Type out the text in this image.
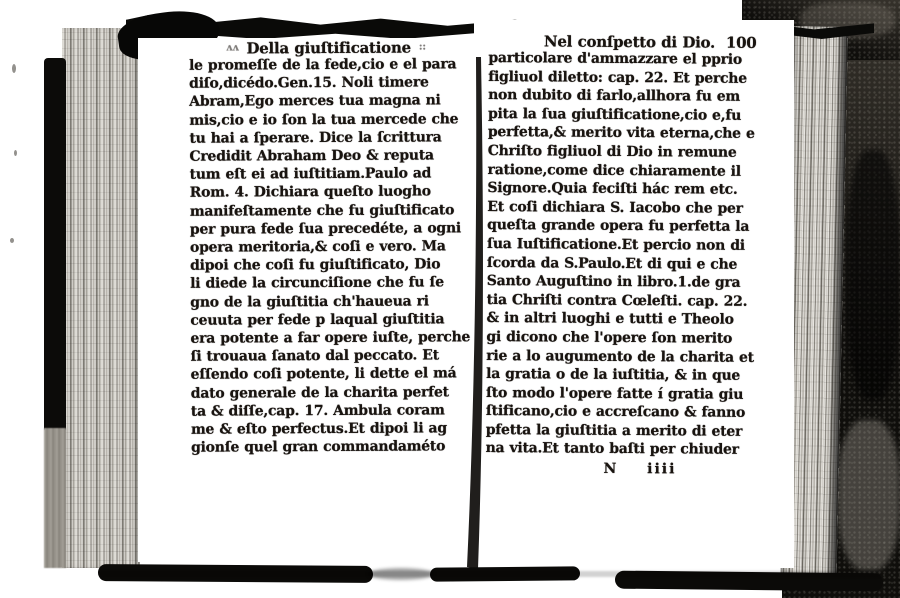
ʌʌ Della giuſtificatione ::
le promeſſe de la fede,cio e el para
diſo,dicédo.Gen.15. Noli timere
Abram,Ego merces tua magna ni
mis,cio e io ſon la tua mercede che
tu hai a ſperare. Dice la ſcrittura
Credidit Abraham Deo & reputa
tum eſt ei ad iuſtitiam.Paulo ad
Rom. 4. Dichiara queſto luogho
manifeſtamente che fu giuſtificato
per pura fede ſua precedéte, a ogni
opera meritoria,& coſi e vero. Ma
dipoi che coſi fu giuſtificato, Dio
li diede la circunciſione che fu ſe
gno de la giuſtitia ch'haueua ri
ceuuta per fede p laqual giuſtitia
era potente a far opere iuſte, perche
ſi trouaua ſanato dal peccato. Et
eſſendo coſi potente, li dette el má
dato generale de la charita perfet
ta & diſſe,cap. 17. Ambula coram
me & eſto perfectus.Et dipoi li ag
gionſe quel gran commandaméto
Nel conſpetto di Dio. 100
particolare d'ammazzare el pprio
figliuol diletto: cap. 22. Et perche
non dubito di farlo,allhora fu em
pita la ſua giuſtificatione,cio e,fu
perfetta,& merito vita eterna,che e
Chriſto figliuol di Dio in remune
ratione,come dice chiaramente il
Signore.Quia feciſti hác rem etc.
Et coſi dichiara S. Iacobo che per
queſta grande opera fu perfetta la
ſua Iuſtificatione.Et percio non di
ſcorda da S.Paulo.Et di qui e che
Santo Auguſtino in libro.1.de gra
tia Chriſti contra Cœleſti. cap. 22.
& in altri luoghi e tutti e Theolo
gi dicono che l'opere ſon merito
rie a lo augumento de la charita et
la gratia o de la iuſtitia, & in que
ſto modo l'opere fatte í gratia giu
ſtificano,cio e accreſcano & fanno
pfetta la giuſtitia a merito di eter
na vita.Et tanto baſti per chiuder
N iiii
